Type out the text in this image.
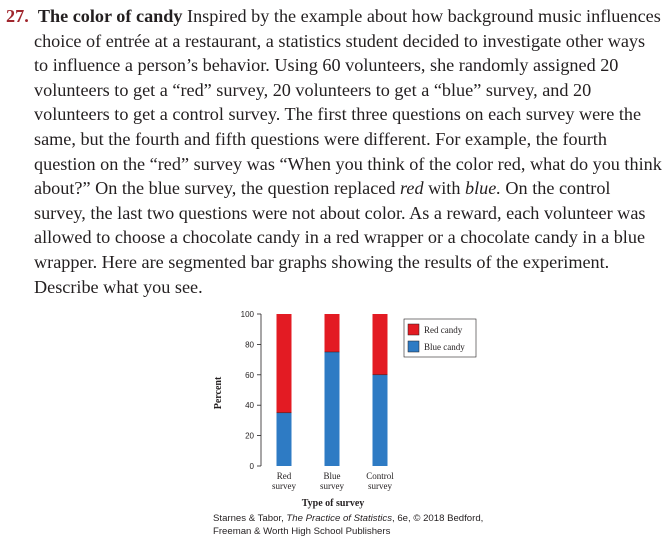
27. The color of candy Inspired by the example about how background music influences choice of entrée at a restaurant, a statistics student decided to investigate other ways to influence a person’s behavior. Using 60 volunteers, she randomly assigned 20 volunteers to get a “red” survey, 20 volunteers to get a “blue” survey, and 20 volunteers to get a control survey. The first three questions on each survey were the same, but the fourth and fifth questions were different. For example, the fourth question on the “red” survey was “When you think of the color red, what do you think about?” On the blue survey, the question replaced red with blue. On the control survey, the last two questions were not about color. As a reward, each volunteer was allowed to choose a chocolate candy in a red wrapper or a chocolate candy in a blue wrapper. Here are segmented bar graphs showing the results of the experiment. Describe what you see.
0
20
40
60
80
100
Percent
Red survey
Blue survey
Control survey
Type of survey
Red candy
Blue candy
Starnes & Tabor, The Practice of Statistics, 6e, © 2018 Bedford,
Freeman & Worth High School Publishers
